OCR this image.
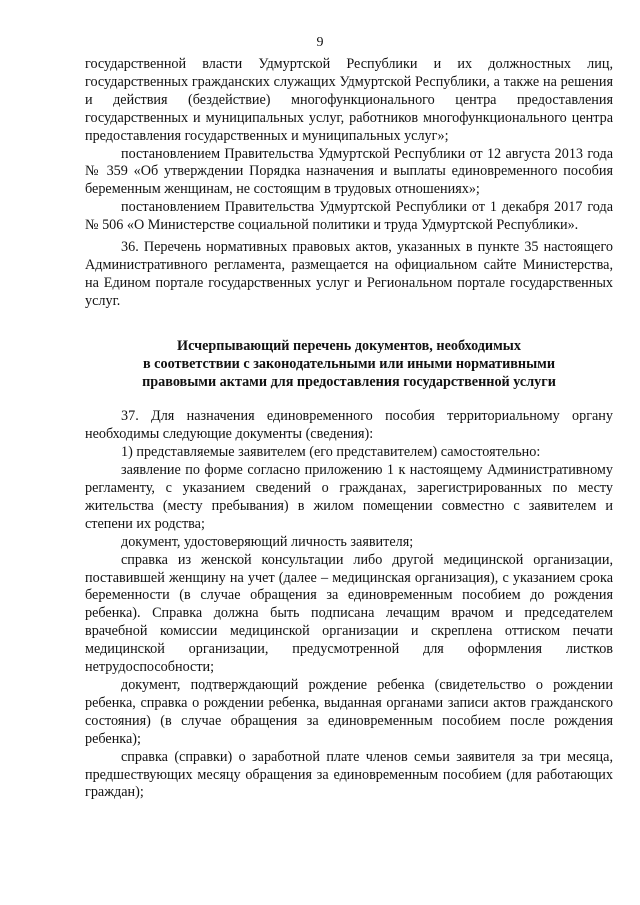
9

государственной власти Удмуртской Республики и их должностных лиц, государственных гражданских служащих Удмуртской Республики, а также на решения и действия (бездействие) многофункционального центра предоставления государственных и муниципальных услуг, работников многофункционального центра предоставления государственных и муниципальных услуг»;

постановлением Правительства Удмуртской Республики от 12 августа 2013 года № 359 «Об утверждении Порядка назначения и выплаты единовременного пособия беременным женщинам, не состоящим в трудовых отношениях»;

постановлением Правительства Удмуртской Республики от 1 декабря 2017 года № 506 «О Министерстве социальной политики и труда Удмуртской Республики».

36. Перечень нормативных правовых актов, указанных в пункте 35 настоящего Административного регламента, размещается на официальном сайте Министерства, на Едином портале государственных услуг и Региональном портале государственных услуг.

Исчерпывающий перечень документов, необходимых
в соответствии с законодательными или иными нормативными
правовыми актами для предоставления государственной услуги

37. Для назначения единовременного пособия территориальному органу необходимы следующие документы (сведения):

1) представляемые заявителем (его представителем) самостоятельно:

заявление по форме согласно приложению 1 к настоящему Административному регламенту, с указанием сведений о гражданах, зарегистрированных по месту жительства (месту пребывания) в жилом помещении совместно с заявителем и степени их родства;

документ, удостоверяющий личность заявителя;

справка из женской консультации либо другой медицинской организации, поставившей женщину на учет (далее – медицинская организация), с указанием срока беременности (в случае обращения за единовременным пособием до рождения ребенка). Справка должна быть подписана лечащим врачом и председателем врачебной комиссии медицинской организации и скреплена оттиском печати медицинской организации, предусмотренной для оформления листков нетрудоспособности;

документ, подтверждающий рождение ребенка (свидетельство о рождении ребенка, справка о рождении ребенка, выданная органами записи актов гражданского состояния) (в случае обращения за единовременным пособием после рождения ребенка);

справка (справки) о заработной плате членов семьи заявителя за три месяца, предшествующих месяцу обращения за единовременным пособием (для работающих граждан);
